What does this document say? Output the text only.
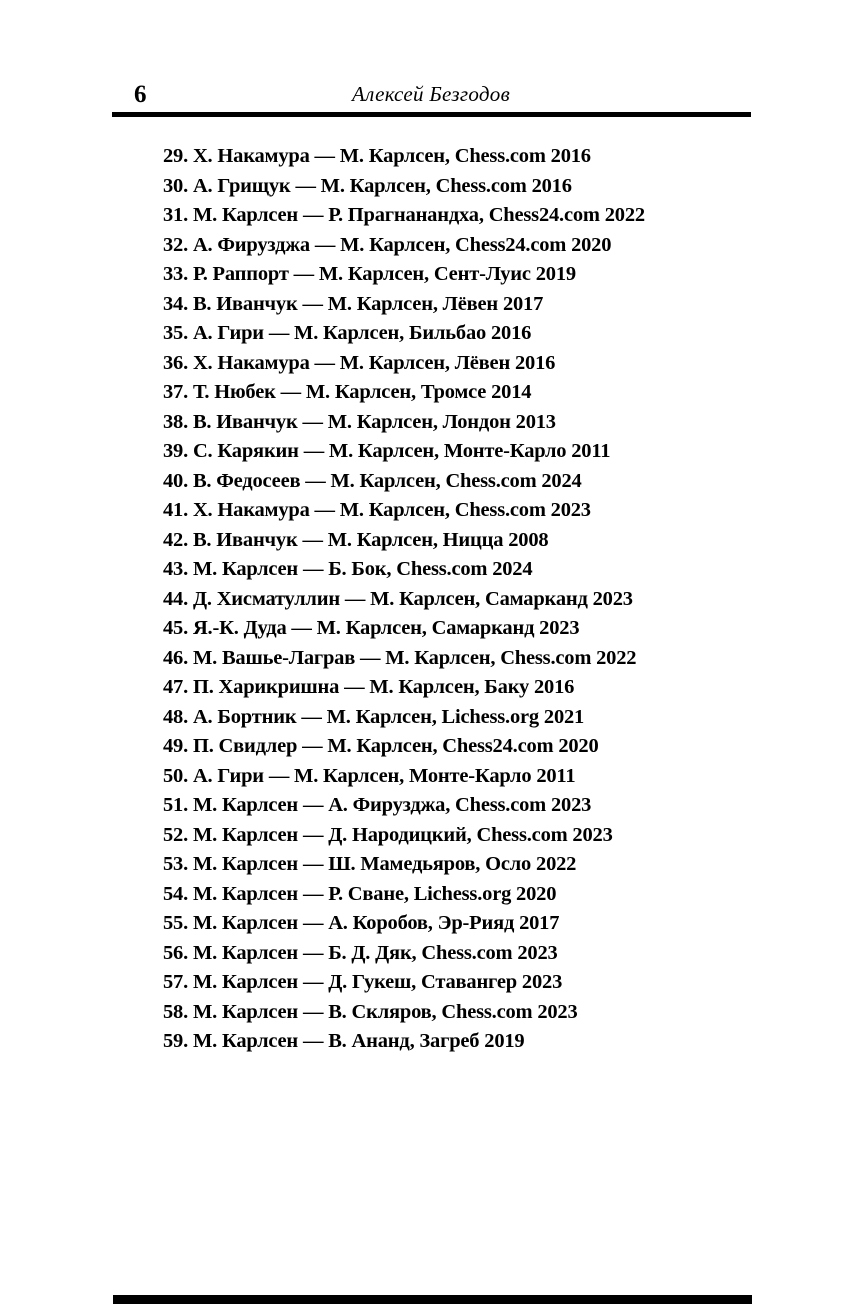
6	Алексей Безгодов
29. Х. Накамура — М. Карлсен, Chess.com 2016
30. А. Грищук — М. Карлсен, Chess.com 2016
31. М. Карлсен — Р. Прагнанандха, Chess24.com 2022
32. А. Фирузджа — М. Карлсен, Chess24.com 2020
33. Р. Раппорт — М. Карлсен, Сент-Луис 2019
34. В. Иванчук — М. Карлсен, Лёвен 2017
35. А. Гири — М. Карлсен, Бильбао 2016
36. Х. Накамура — М. Карлсен, Лёвен 2016
37. Т. Нюбек — М. Карлсен, Тромсе 2014
38. В. Иванчук — М. Карлсен, Лондон 2013
39. С. Карякин — М. Карлсен, Монте-Карло 2011
40. В. Федосеев — М. Карлсен, Chess.com 2024
41. Х. Накамура — М. Карлсен, Chess.com 2023
42. В. Иванчук — М. Карлсен, Ницца 2008
43. М. Карлсен — Б. Бок, Chess.com 2024
44. Д. Хисматуллин — М. Карлсен, Самарканд 2023
45. Я.-К. Дуда — М. Карлсен, Самарканд 2023
46. М. Вашье-Лаграв — М. Карлсен, Chess.com 2022
47. П. Харикришна — М. Карлсен, Баку 2016
48. А. Бортник — М. Карлсен, Lichess.org 2021
49. П. Свидлер — М. Карлсен, Chess24.com 2020
50. А. Гири — М. Карлсен, Монте-Карло 2011
51. М. Карлсен — А. Фирузджа, Chess.com 2023
52. М. Карлсен — Д. Народицкий, Chess.com 2023
53. М. Карлсен — Ш. Мамедьяров, Осло 2022
54. М. Карлсен — Р. Сване, Lichess.org 2020
55. М. Карлсен — А. Коробов, Эр-Рияд 2017
56. М. Карлсен — Б. Д. Дяк, Chess.com 2023
57. М. Карлсен — Д. Гукеш, Ставангер 2023
58. М. Карлсен — В. Скляров, Chess.com 2023
59. М. Карлсен — В. Ананд, Загреб 2019
